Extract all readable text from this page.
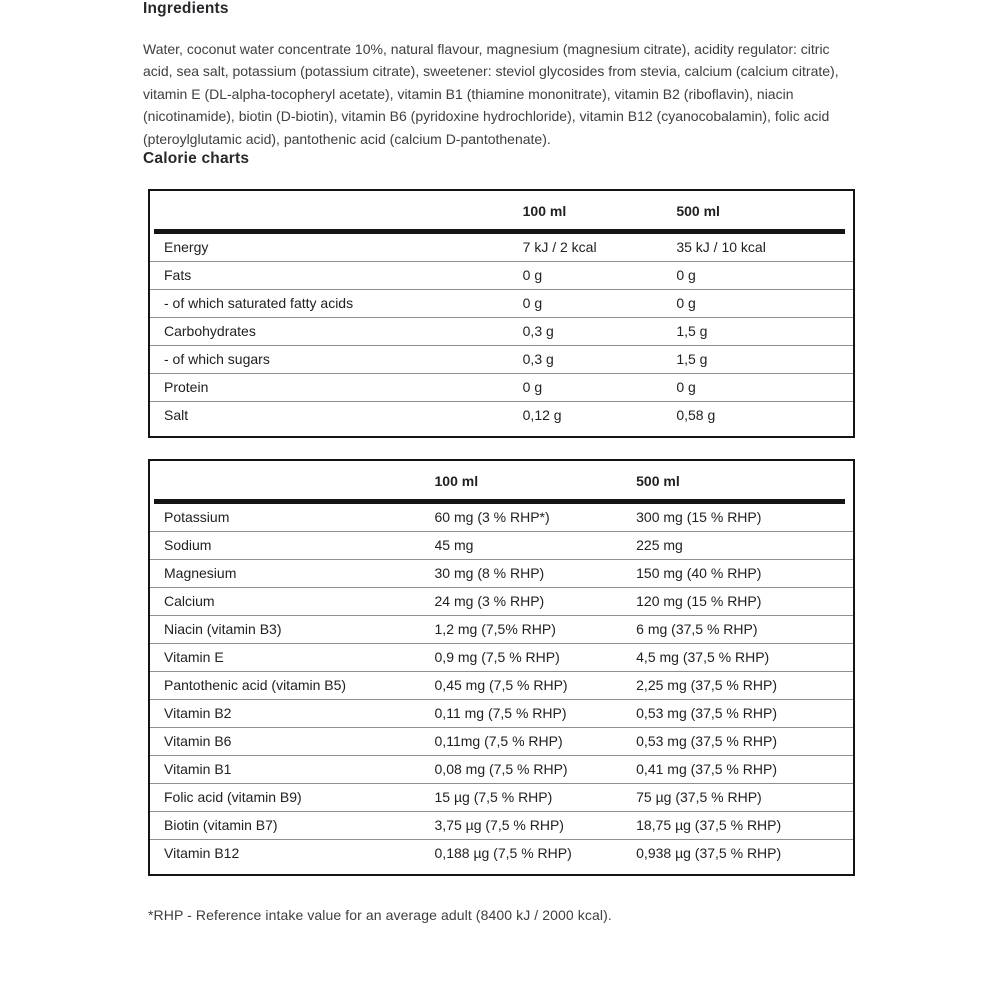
Ingredients

Water, coconut water concentrate 10%, natural flavour, magnesium (magnesium citrate), acidity regulator: citric acid, sea salt, potassium (potassium citrate), sweetener: steviol glycosides from stevia, calcium (calcium citrate), vitamin E (DL-alpha-tocopheryl acetate), vitamin B1 (thiamine mononitrate), vitamin B2 (riboflavin), niacin (nicotinamide), biotin (D-biotin), vitamin B6 (pyridoxine hydrochloride), vitamin B12 (cyanocobalamin), folic acid (pteroylglutamic acid), pantothenic acid (calcium D-pantothenate).

Calorie charts
	100 ml	500 ml

Energy	7 kJ / 2 kcal	35 kJ / 10 kcal
Fats	0 g	0 g
- of which saturated fatty acids	0 g	0 g
Carbohydrates	0,3 g	1,5 g
- of which sugars	0,3 g	1,5 g
Protein	0 g	0 g
Salt	0,12 g	0,58 g
	100 ml	500 ml

Potassium	60 mg (3 % RHP*)	300 mg (15 % RHP)
Sodium	45 mg	225 mg
Magnesium	30 mg (8 % RHP)	150 mg (40 % RHP)
Calcium	24 mg (3 % RHP)	120 mg (15 % RHP)
Niacin (vitamin B3)	1,2 mg (7,5% RHP)	6 mg (37,5 % RHP)
Vitamin E	0,9 mg (7,5 % RHP)	4,5 mg (37,5 % RHP)
Pantothenic acid (vitamin B5)	0,45 mg (7,5 % RHP)	2,25 mg (37,5 % RHP)
Vitamin B2	0,11 mg (7,5 % RHP)	0,53 mg (37,5 % RHP)
Vitamin B6	0,11mg (7,5 % RHP)	0,53 mg (37,5 % RHP)
Vitamin B1	0,08 mg (7,5 % RHP)	0,41 mg (37,5 % RHP)
Folic acid (vitamin B9)	15 µg (7,5 % RHP)	75 µg (37,5 % RHP)
Biotin (vitamin B7)	3,75 µg (7,5 % RHP)	18,75 µg (37,5 % RHP)
Vitamin B12	0,188 µg (7,5 % RHP)	0,938 µg (37,5 % RHP)

*RHP - Reference intake value for an average adult (8400 kJ / 2000 kcal).
